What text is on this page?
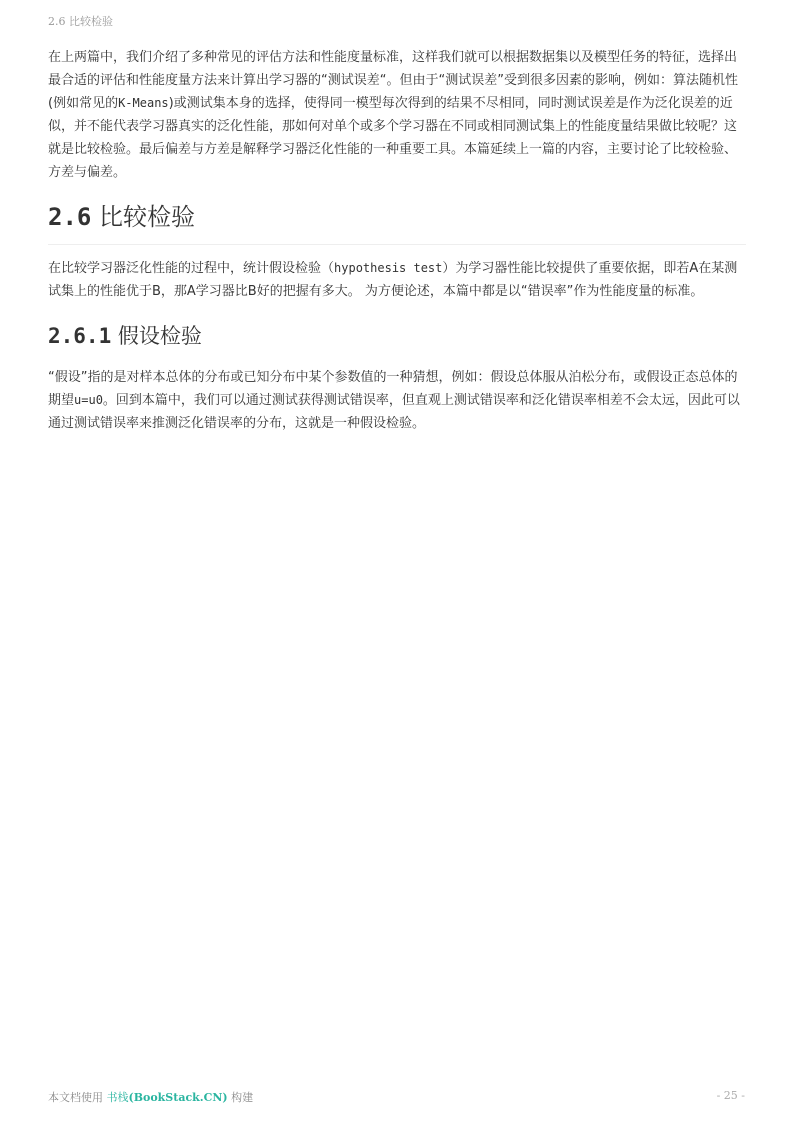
2.6 比较检验

在上两篇中，我们介绍了多种常见的评估方法和性能度量标准，这样我们就可以根据数据集以及模型任务的特征，选择出最合适的评估和性能度量方法来计算出学习器的“测试误差“。但由于“测试误差”受到很多因素的影响，例如：算法随机性(例如常见的K-Means)或测试集本身的选择，使得同一模型每次得到的结果不尽相同，同时测试误差是作为泛化误差的近似，并不能代表学习器真实的泛化性能，那如何对单个或多个学习器在不同或相同测试集上的性能度量结果做比较呢？这就是比较检验。最后偏差与方差是解释学习器泛化性能的一种重要工具。本篇延续上一篇的内容，主要讨论了比较检验、方差与偏差。

2.6 比较检验

在比较学习器泛化性能的过程中，统计假设检验（hypothesis test）为学习器性能比较提供了重要依据，即若A在某测试集上的性能优于B，那A学习器比B好的把握有多大。 为方便论述，本篇中都是以“错误率”作为性能度量的标准。

2.6.1 假设检验

“假设”指的是对样本总体的分布或已知分布中某个参数值的一种猜想，例如：假设总体服从泊松分布，或假设正态总体的期望u=u0。回到本篇中，我们可以通过测试获得测试错误率，但直观上测试错误率和泛化错误率相差不会太远，因此可以通过测试错误率来推测泛化错误率的分布，这就是一种假设检验。

本文档使用 书栈(BookStack.CN) 构建	- 25 -
